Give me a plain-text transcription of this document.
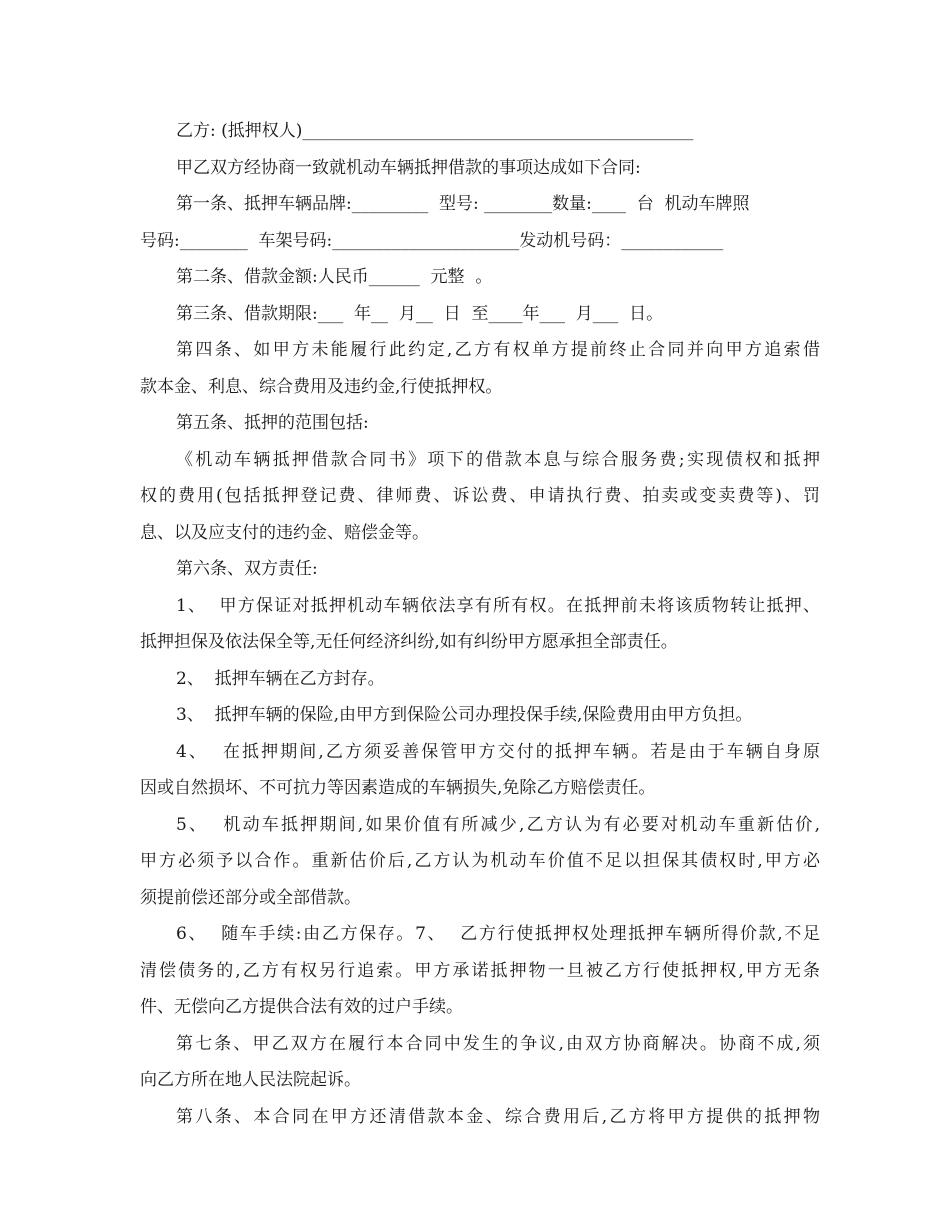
乙方: (抵押权人)______________________________________________
甲乙双方经协商一致就机动车辆抵押借款的事项达成如下合同:
第一条、抵押车辆品牌:_________  型号: ________数量:____  台  机动车牌照
号码:________  车架号码:______________________发动机号码：____________
第二条、借款金额:人民币______  元整  。
第三条、借款期限:___  年__  月__  日  至____年___  月___  日。
第四条、如甲方未能履行此约定,乙方有权单方提前终止合同并向甲方追索借
款本金、利息、综合费用及违约金,行使抵押权。
第五条、抵押的范围包括:
《机动车辆抵押借款合同书》项下的借款本息与综合服务费;实现债权和抵押
权的费用(包括抵押登记费、律师费、诉讼费、申请执行费、拍卖或变卖费等)、罚
息、以及应支付的违约金、赔偿金等。
第六条、双方责任:
1、  甲方保证对抵押机动车辆依法享有所有权。在抵押前未将该质物转让抵押、
抵押担保及依法保全等,无任何经济纠纷,如有纠纷甲方愿承担全部责任。
2、  抵押车辆在乙方封存。
3、  抵押车辆的保险,由甲方到保险公司办理投保手续,保险费用由甲方负担。
4、  在抵押期间,乙方须妥善保管甲方交付的抵押车辆。若是由于车辆自身原
因或自然损坏、不可抗力等因素造成的车辆损失,免除乙方赔偿责任。
5、  机动车抵押期间,如果价值有所减少,乙方认为有必要对机动车重新估价,
甲方必须予以合作。重新估价后,乙方认为机动车价值不足以担保其债权时,甲方必
须提前偿还部分或全部借款。
6、  随车手续:由乙方保存。7、  乙方行使抵押权处理抵押车辆所得价款,不足
清偿债务的,乙方有权另行追索。甲方承诺抵押物一旦被乙方行使抵押权,甲方无条
件、无偿向乙方提供合法有效的过户手续。
第七条、甲乙双方在履行本合同中发生的争议,由双方协商解决。协商不成,须
向乙方所在地人民法院起诉。
第八条、本合同在甲方还清借款本金、综合费用后,乙方将甲方提供的抵押物
